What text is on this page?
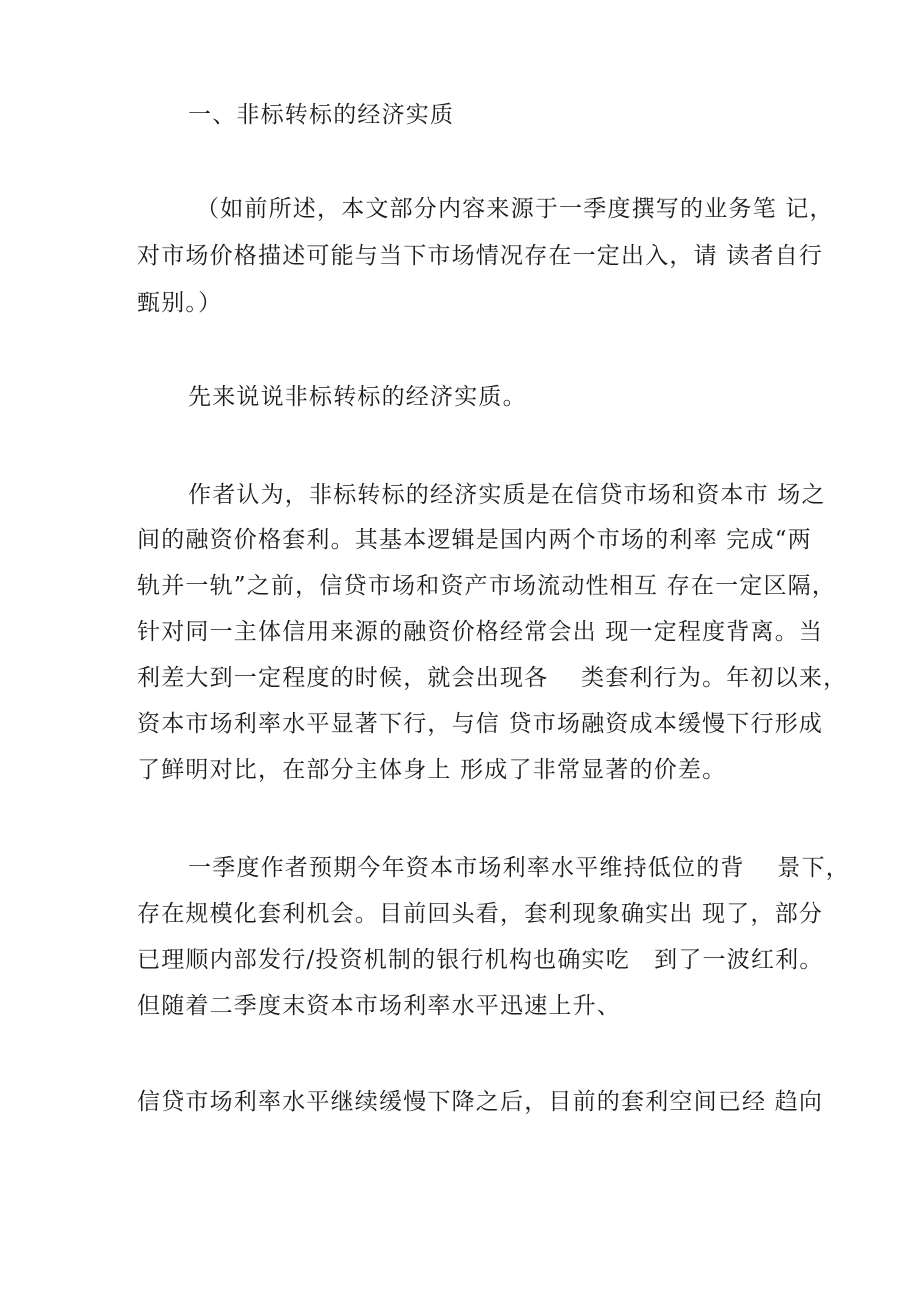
一、非标转标的经济实质

（如前所述，本文部分内容来源于一季度撰写的业务笔 记，

对市场价格描述可能与当下市场情况存在一定出入，请 读者自行

甄别。）

先来说说非标转标的经济实质。

作者认为，非标转标的经济实质是在信贷市场和资本市 场之

间的融资价格套利。其基本逻辑是国内两个市场的利率 完成“两

轨并一轨”之前，信贷市场和资产市场流动性相互 存在一定区隔，

针对同一主体信用来源的融资价格经常会出 现一定程度背离。当

利差大到一定程度的时候，就会出现各　 类套利行为。年初以来，

资本市场利率水平显著下行，与信 贷市场融资成本缓慢下行形成

了鲜明对比，在部分主体身上 形成了非常显著的价差。

一季度作者预期今年资本市场利率水平维持低位的背　 景下，

存在规模化套利机会。目前回头看，套利现象确实出 现了，部分

已理顺内部发行/投资机制的银行机构也确实吃　到了一波红利。

但随着二季度末资本市场利率水平迅速上升、

信贷市场利率水平继续缓慢下降之后，目前的套利空间已经 趋向
